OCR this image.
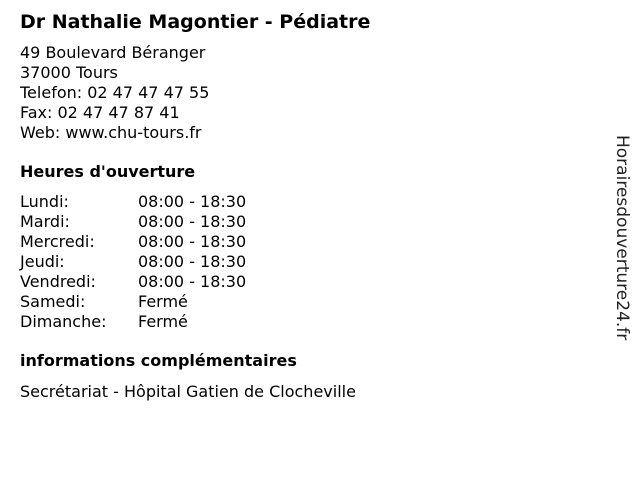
Dr Nathalie Magontier - Pédiatre
49 Boulevard Béranger
37000 Tours
Telefon: 02 47 47 47 55
Fax: 02 47 47 87 41
Web: www.chu-tours.fr
Heures d'ouverture
Lundi:	08:00 - 18:30
Mardi:	08:00 - 18:30
Mercredi:	08:00 - 18:30
Jeudi:	08:00 - 18:30
Vendredi:	08:00 - 18:30
Samedi:	Fermé
Dimanche:	Fermé
informations complémentaires
Secrétariat - Hôpital Gatien de Clocheville
Horairesdouverture24.fr
